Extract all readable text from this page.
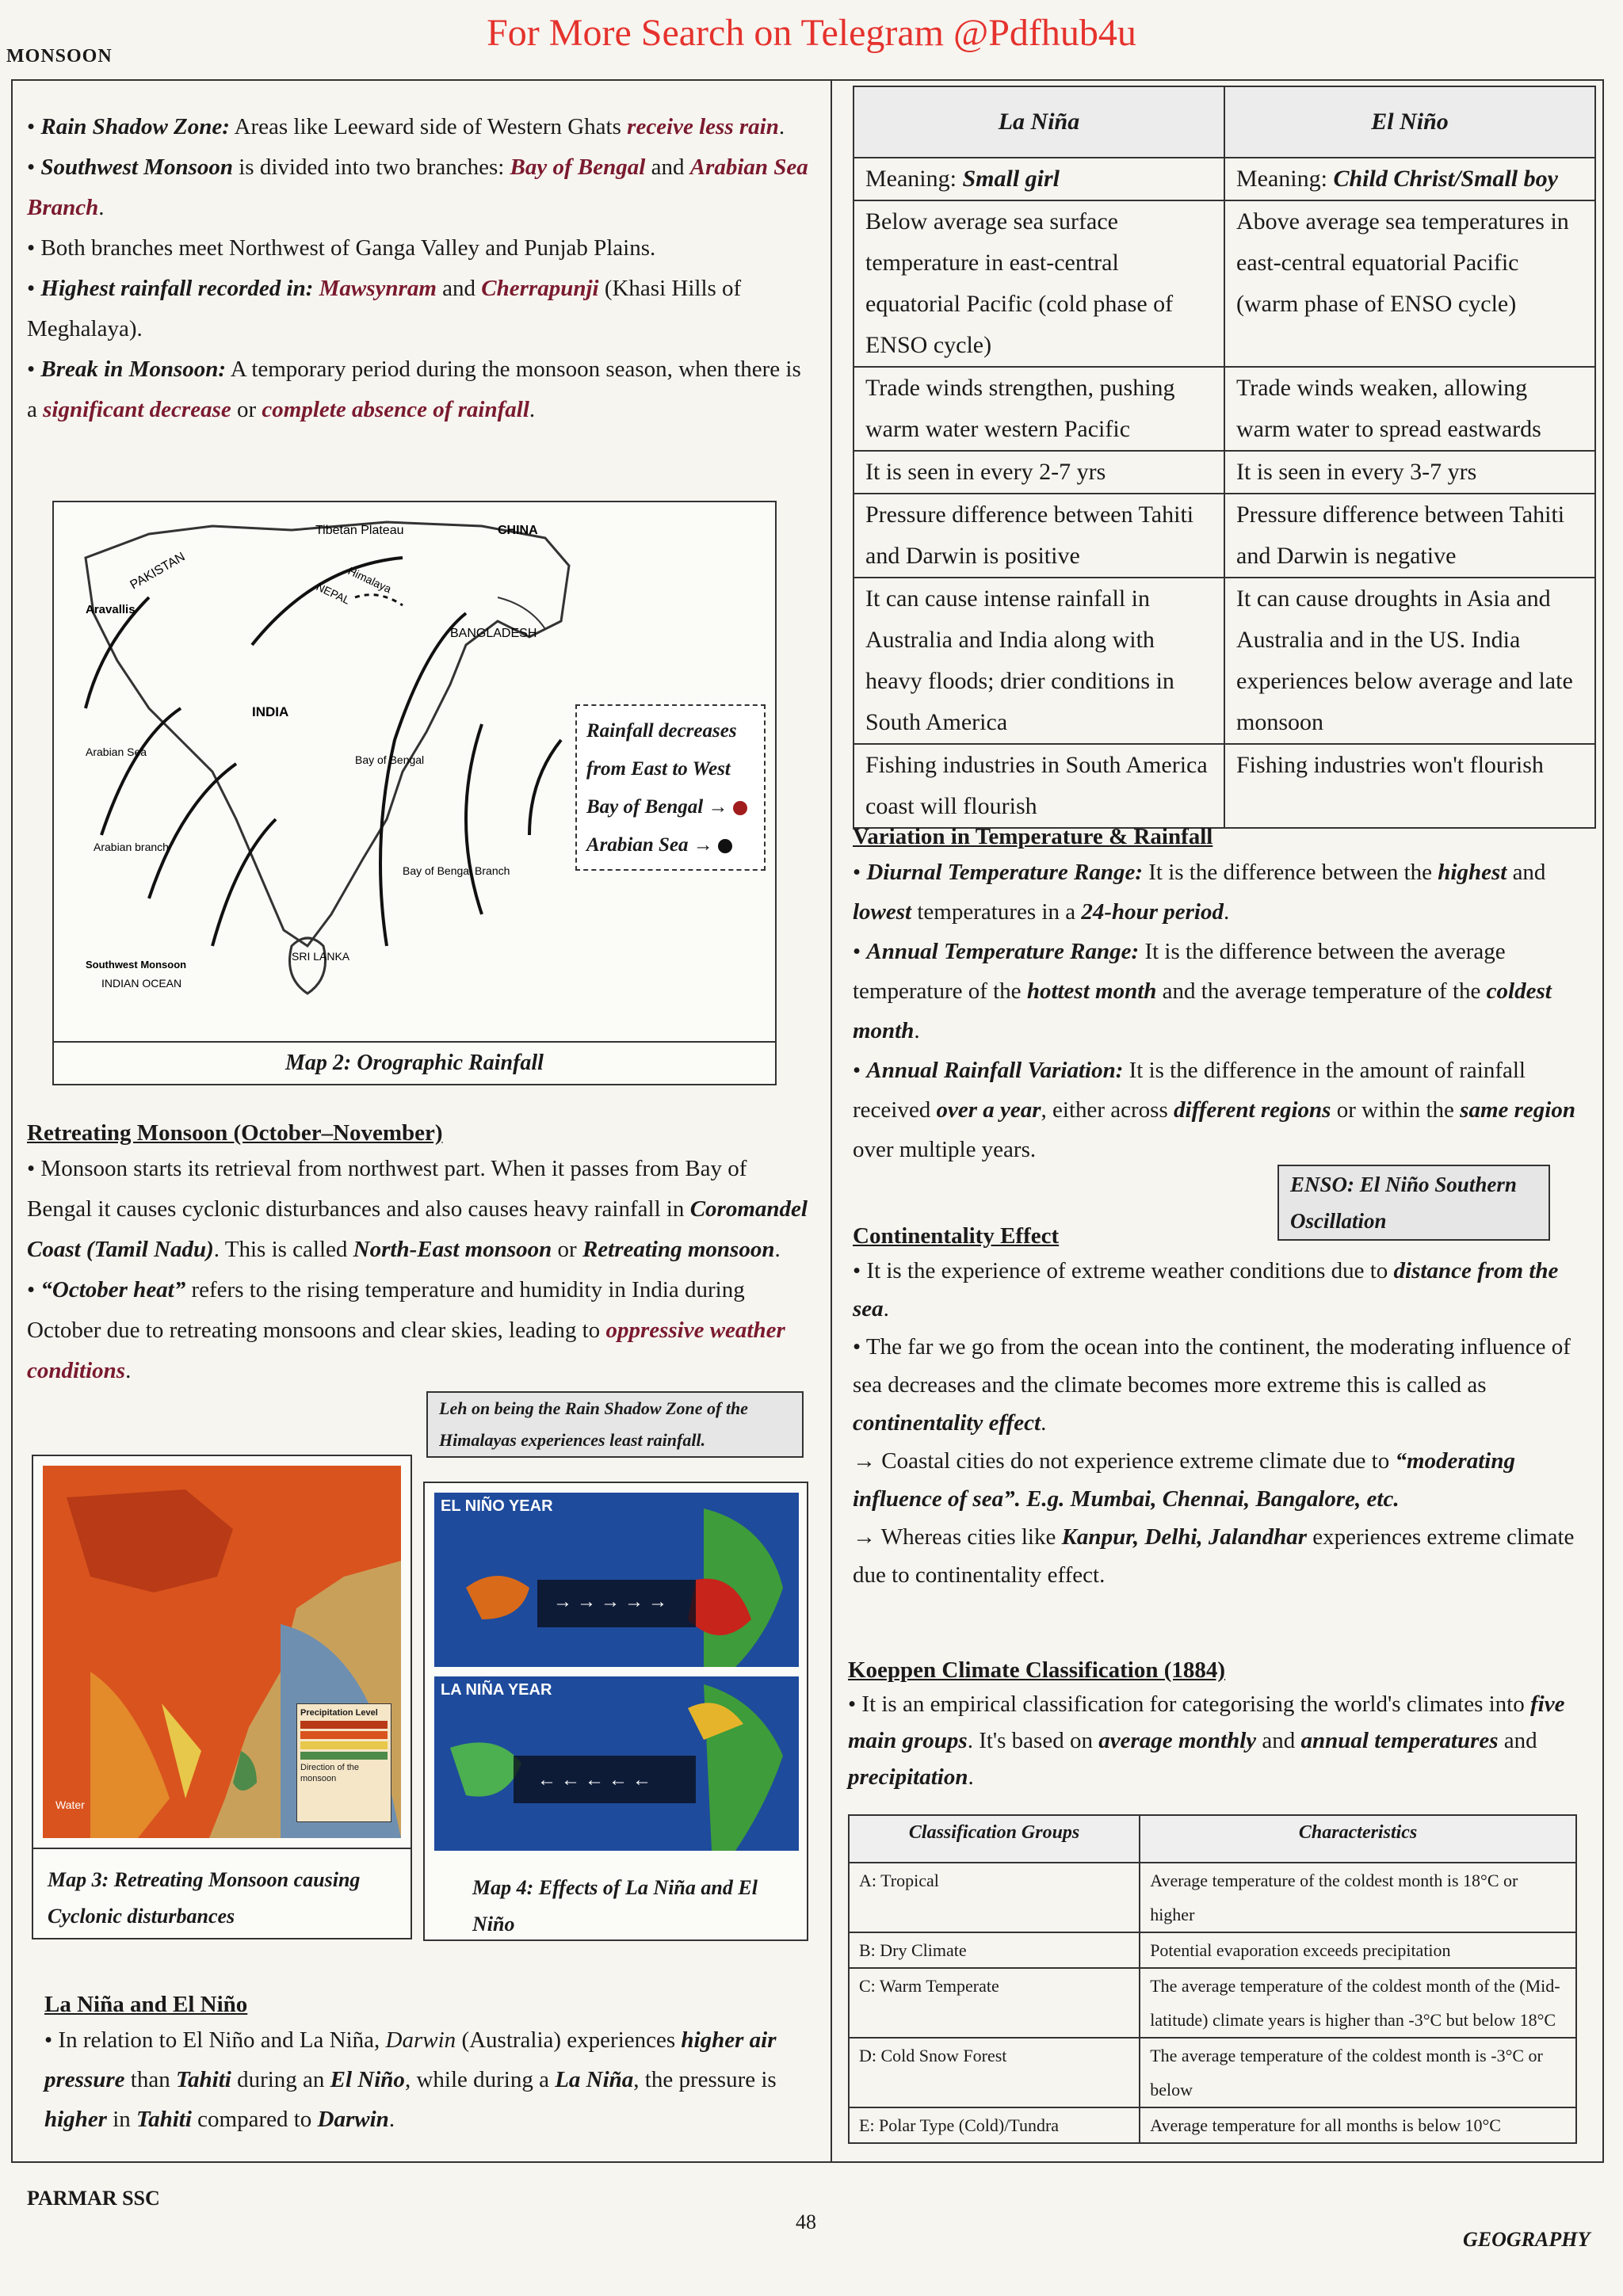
MONSOON
For More Search on Telegram @Pdfhub4u

• Rain Shadow Zone: Areas like Leeward side of Western Ghats receive less rain.

• Southwest Monsoon is divided into two branches: Bay of Bengal and Arabian Sea Branch.

• Both branches meet Northwest of Ganga Valley and Punjab Plains.

• Highest rainfall recorded in: Mawsynram and Cherrapunji (Khasi Hills of Meghalaya).

• Break in Monsoon: A temporary period during the monsoon season, when there is a significant decrease or complete absence of rainfall.

PAKISTAN
Aravallis
Tibetan Plateau	CHINA
Himalaya
NEPAL
BANGLADESH
INDIA
Arabian Sea
Bay of Bengal
Arabian branch
Bay of Bengal Branch
SRI LANKA
Southwest Monsoon
INDIAN OCEAN
Rainfall decreases
from East to West
Bay of Bengal →
Arabian Sea →
Map 2: Orographic Rainfall
Retreating Monsoon (October–November)

• Monsoon starts its retrieval from northwest part. When it passes from Bay of Bengal it causes cyclonic disturbances and also causes heavy rainfall in Coromandel Coast (Tamil Nadu). This is called North-East monsoon or Retreating monsoon.

• “October heat” refers to the rising temperature and humidity in India during October due to retreating monsoons and clear skies, leading to oppressive weather conditions.

Leh on being the Rain Shadow Zone of the Himalayas experiences least rainfall.
Precipitation Level
Direction of the monsoon
Water
Map 3: Retreating Monsoon causing Cyclonic disturbances
→ → → → →
EL NIÑO YEAR
← ← ← ← ←
LA NIÑA YEAR
Map 4: Effects of La Niña and El Niño
La Niña and El Niño

• In relation to El Niño and La Niña, Darwin (Australia) experiences higher air pressure than Tahiti during an El Niño, while during a La Niña, the pressure is higher in Tahiti compared to Darwin.

La Niña	El Niño
Meaning: Small girl	Meaning: Child Christ/Small boy
Below average sea surface temperature in east-central equatorial Pacific (cold phase of ENSO cycle)	Above average sea temperatures in east-central equatorial Pacific (warm phase of ENSO cycle)
Trade winds strengthen, pushing warm water western Pacific	Trade winds weaken, allowing warm water to spread eastwards
It is seen in every 2-7 yrs	It is seen in every 3-7 yrs
Pressure difference between Tahiti and Darwin is positive	Pressure difference between Tahiti and Darwin is negative
It can cause intense rainfall in Australia and India along with heavy floods; drier conditions in South America	It can cause droughts in Asia and Australia and in the US. India experiences below average and late monsoon
Fishing industries in South America coast will flourish	Fishing industries won't flourish
Variation in Temperature & Rainfall

• Diurnal Temperature Range: It is the difference between the highest and lowest temperatures in a 24-hour period.

• Annual Temperature Range: It is the difference between the average temperature of the hottest month and the average temperature of the coldest month.

• Annual Rainfall Variation: It is the difference in the amount of rainfall received over a year, either across different regions or within the same region over multiple years.

ENSO: El Niño Southern Oscillation
Continentality Effect

• It is the experience of extreme weather conditions due to distance from the sea.

• The far we go from the ocean into the continent, the moderating influence of sea decreases and the climate becomes more extreme this is called as continentality effect.

→ Coastal cities do not experience extreme climate due to “moderating influence of sea”. E.g. Mumbai, Chennai, Bangalore, etc.

→ Whereas cities like Kanpur, Delhi, Jalandhar experiences extreme climate due to continentality effect.

Koeppen Climate Classification (1884)

• It is an empirical classification for categorising the world's climates into five main groups. It's based on average monthly and annual temperatures and precipitation.

Classification Groups	Characteristics
A: Tropical	Average temperature of the coldest month is 18°C or higher
B: Dry Climate	Potential evaporation exceeds precipitation
C: Warm Temperate	The average temperature of the coldest month of the (Mid-latitude) climate years is higher than -3°C but below 18°C
D: Cold Snow Forest	The average temperature of the coldest month is -3°C or below
E: Polar Type (Cold)/Tundra	Average temperature for all months is below 10°C
PARMAR SSC
48
GEOGRAPHY
